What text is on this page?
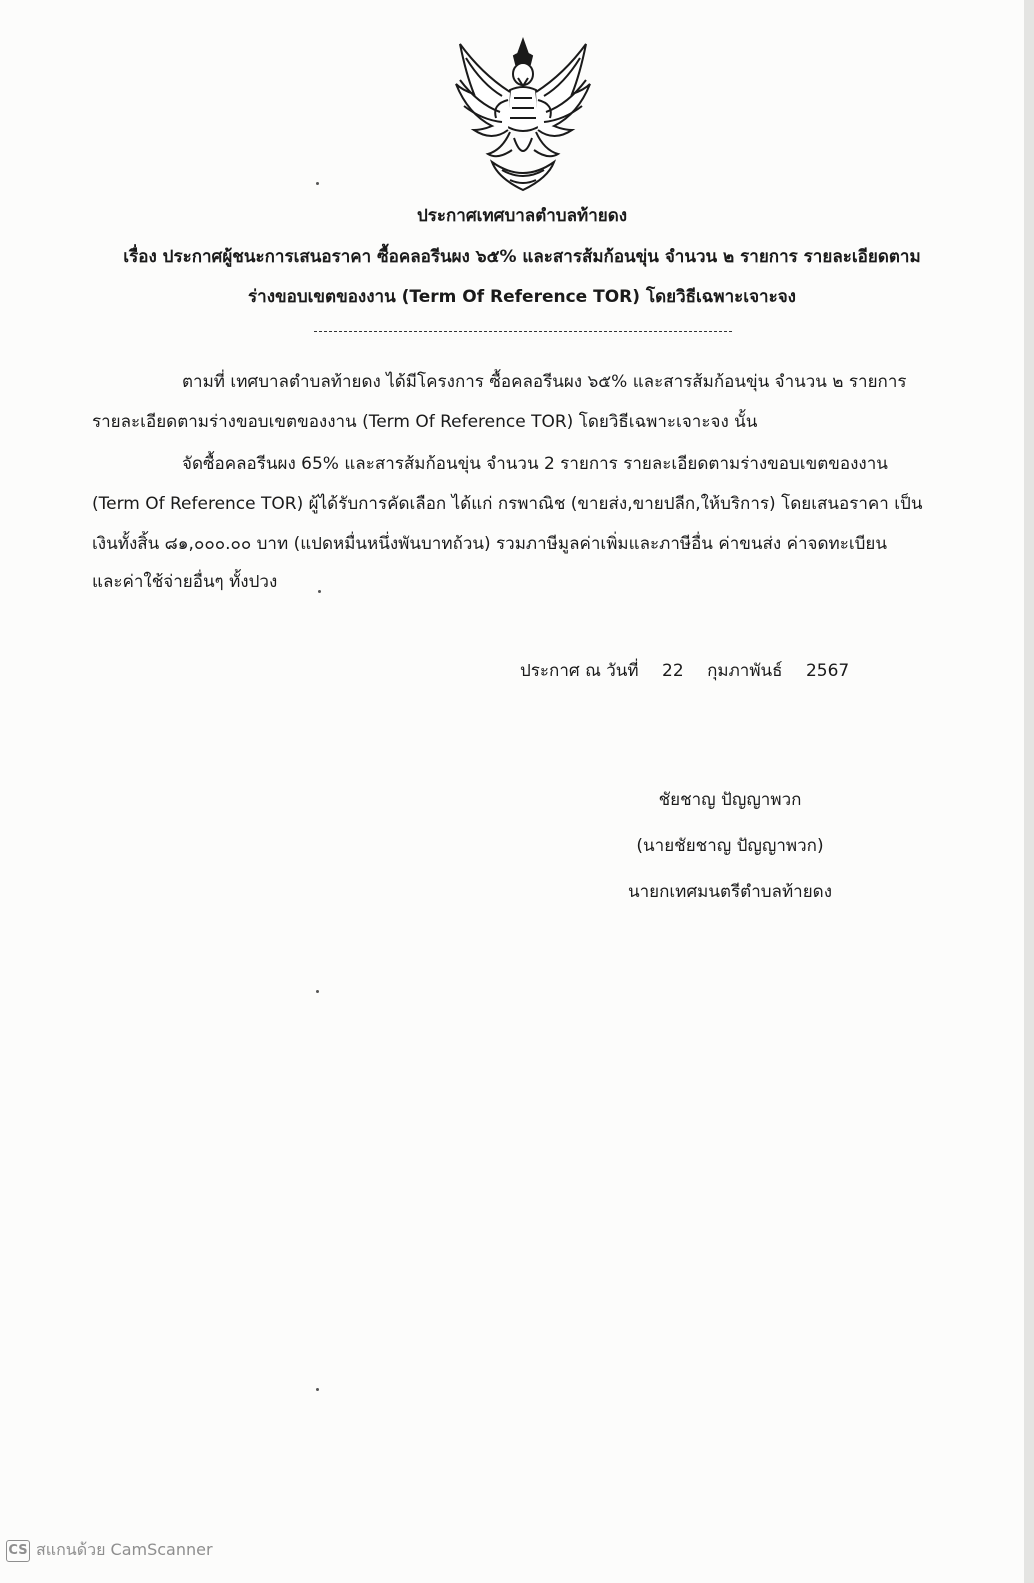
ประกาศเทศบาลตำบลท้ายดง
เรื่อง ประกาศผู้ชนะการเสนอราคา ซื้อคลอรีนผง ๖๕% และสารส้มก้อนขุ่น จำนวน ๒ รายการ รายละเอียดตาม
ร่างขอบเขตของงาน (Term Of Reference TOR) โดยวิธีเฉพาะเจาะจง
ตามที่ เทศบาลตำบลท้ายดง ได้มีโครงการ ซื้อคลอรีนผง ๖๕% และสารส้มก้อนขุ่น จำนวน ๒ รายการ
รายละเอียดตามร่างขอบเขตของงาน (Term Of Reference TOR) โดยวิธีเฉพาะเจาะจง นั้น
จัดซื้อคลอรีนผง 65% และสารส้มก้อนขุ่น จำนวน 2 รายการ รายละเอียดตามร่างขอบเขตของงาน
(Term Of Reference TOR) ผู้ได้รับการคัดเลือก ได้แก่ กรพาณิช (ขายส่ง,ขายปลีก,ให้บริการ) โดยเสนอราคา เป็น
เงินทั้งสิ้น ๘๑,๐๐๐.๐๐ บาท (แปดหมื่นหนึ่งพันบาทถ้วน) รวมภาษีมูลค่าเพิ่มและภาษีอื่น ค่าขนส่ง ค่าจดทะเบียน
และค่าใช้จ่ายอื่นๆ ทั้งปวง
ประกาศ ณ วันที่ 22 กุมภาพันธ์ 2567
ชัยชาญ ปัญญาพวก
(นายชัยชาญ ปัญญาพวก)
นายกเทศมนตรีตำบลท้ายดง
CS สแกนด้วย CamScanner
